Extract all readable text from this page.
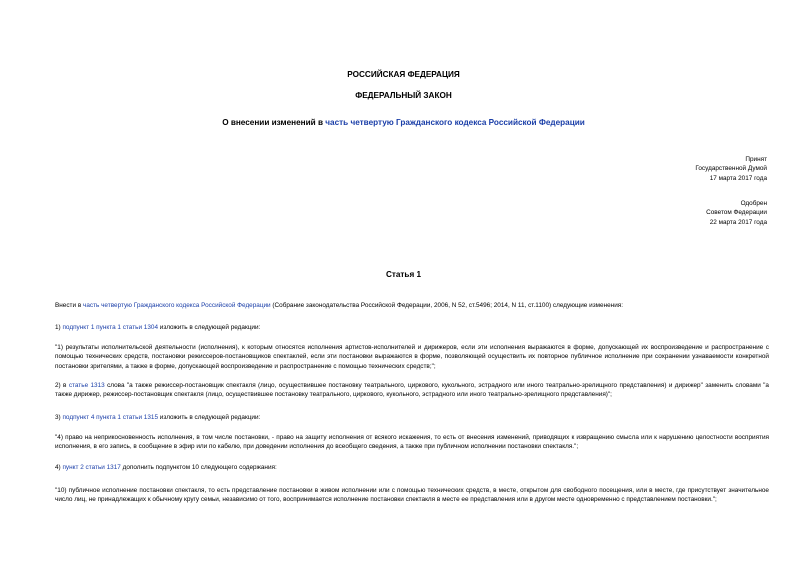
РОССИЙСКАЯ ФЕДЕРАЦИЯ
ФЕДЕРАЛЬНЫЙ ЗАКОН
О внесении изменений в часть четвертую Гражданского кодекса Российской Федерации
Принят
Государственной Думой
17 марта 2017 года
Одобрен
Советом Федерации
22 марта 2017 года
Статья 1
Внести в часть четвертую Гражданского кодекса Российской Федерации (Собрание законодательства Российской Федерации, 2006, N 52, ст.5496; 2014, N 11, ст.1100) следующие изменения:
1) подпункт 1 пункта 1 статьи 1304 изложить в следующей редакции:
"1) результаты исполнительской деятельности (исполнения), к которым относятся исполнения артистов-исполнителей и дирижеров, если эти исполнения выражаются в форме, допускающей их воспроизведение и распространение с помощью технических средств, постановки режиссеров-постановщиков спектаклей, если эти постановки выражаются в форме, позволяющей осуществить их повторное публичное исполнение при сохранении узнаваемости конкретной постановки зрителями, а также в форме, допускающей воспроизведение и распространение с помощью технических средств;";
2) в статье 1313 слова "а также режиссер-постановщик спектакля (лицо, осуществившее постановку театрального, циркового, кукольного, эстрадного или иного театрально-зрелищного представления) и дирижер" заменить словами "а также дирижер, режиссер-постановщик спектакля (лицо, осуществившее постановку театрального, циркового, кукольного, эстрадного или иного театрально-зрелищного представления)";
3) подпункт 4 пункта 1 статьи 1315 изложить в следующей редакции:
"4) право на неприкосновенность исполнения, в том числе постановки, - право на защиту исполнения от всякого искажения, то есть от внесения изменений, приводящих к извращению смысла или к нарушению целостности восприятия исполнения, в его запись, в сообщение в эфир или по кабелю, при доведении исполнения до всеобщего сведения, а также при публичном исполнении постановки спектакля.";
4) пункт 2 статьи 1317 дополнить подпунктом 10 следующего содержания:
"10) публичное исполнение постановки спектакля, то есть представление постановки в живом исполнении или с помощью технических средств, в месте, открытом для свободного посещения, или в месте, где присутствует значительное число лиц, не принадлежащих к обычному кругу семьи, независимо от того, воспринимается исполнение постановки спектакля в месте ее представления или в другом месте одновременно с представлением постановки.";
